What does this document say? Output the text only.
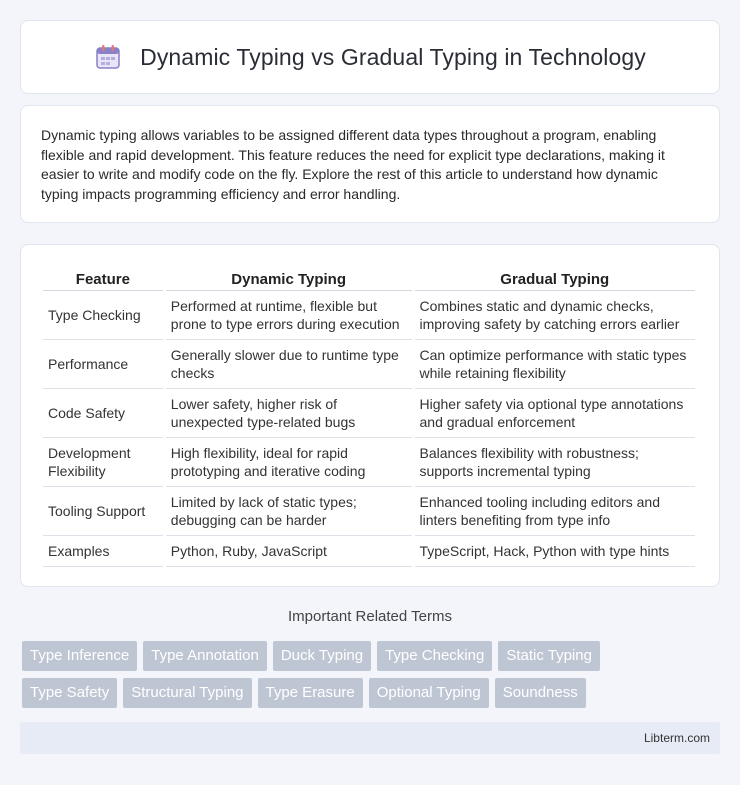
Dynamic Typing vs Gradual Typing in Technology

Dynamic typing allows variables to be assigned different data types throughout a program, enabling flexible and rapid development. This feature reduces the need for explicit type declarations, making it easier to write and modify code on the fly. Explore the rest of this article to understand how dynamic typing impacts programming efficiency and error handling.

Feature	Dynamic Typing	Gradual Typing
Type Checking	Performed at runtime, flexible but prone to type errors during execution	Combines static and dynamic checks, improving safety by catching errors earlier
Performance	Generally slower due to runtime type checks	Can optimize performance with static types while retaining flexibility
Code Safety	Lower safety, higher risk of unexpected type-related bugs	Higher safety via optional type annotations and gradual enforcement
Development Flexibility	High flexibility, ideal for rapid prototyping and iterative coding	Balances flexibility with robustness; supports incremental typing
Tooling Support	Limited by lack of static types; debugging can be harder	Enhanced tooling including editors and linters benefiting from type info
Examples	Python, Ruby, JavaScript	TypeScript, Hack, Python with type hints
Important Related Terms
Type Inference	Type Annotation	Duck Typing	Type Checking	Static Typing
Type Safety	Structural Typing	Type Erasure	Optional Typing	Soundness
Libterm.com
